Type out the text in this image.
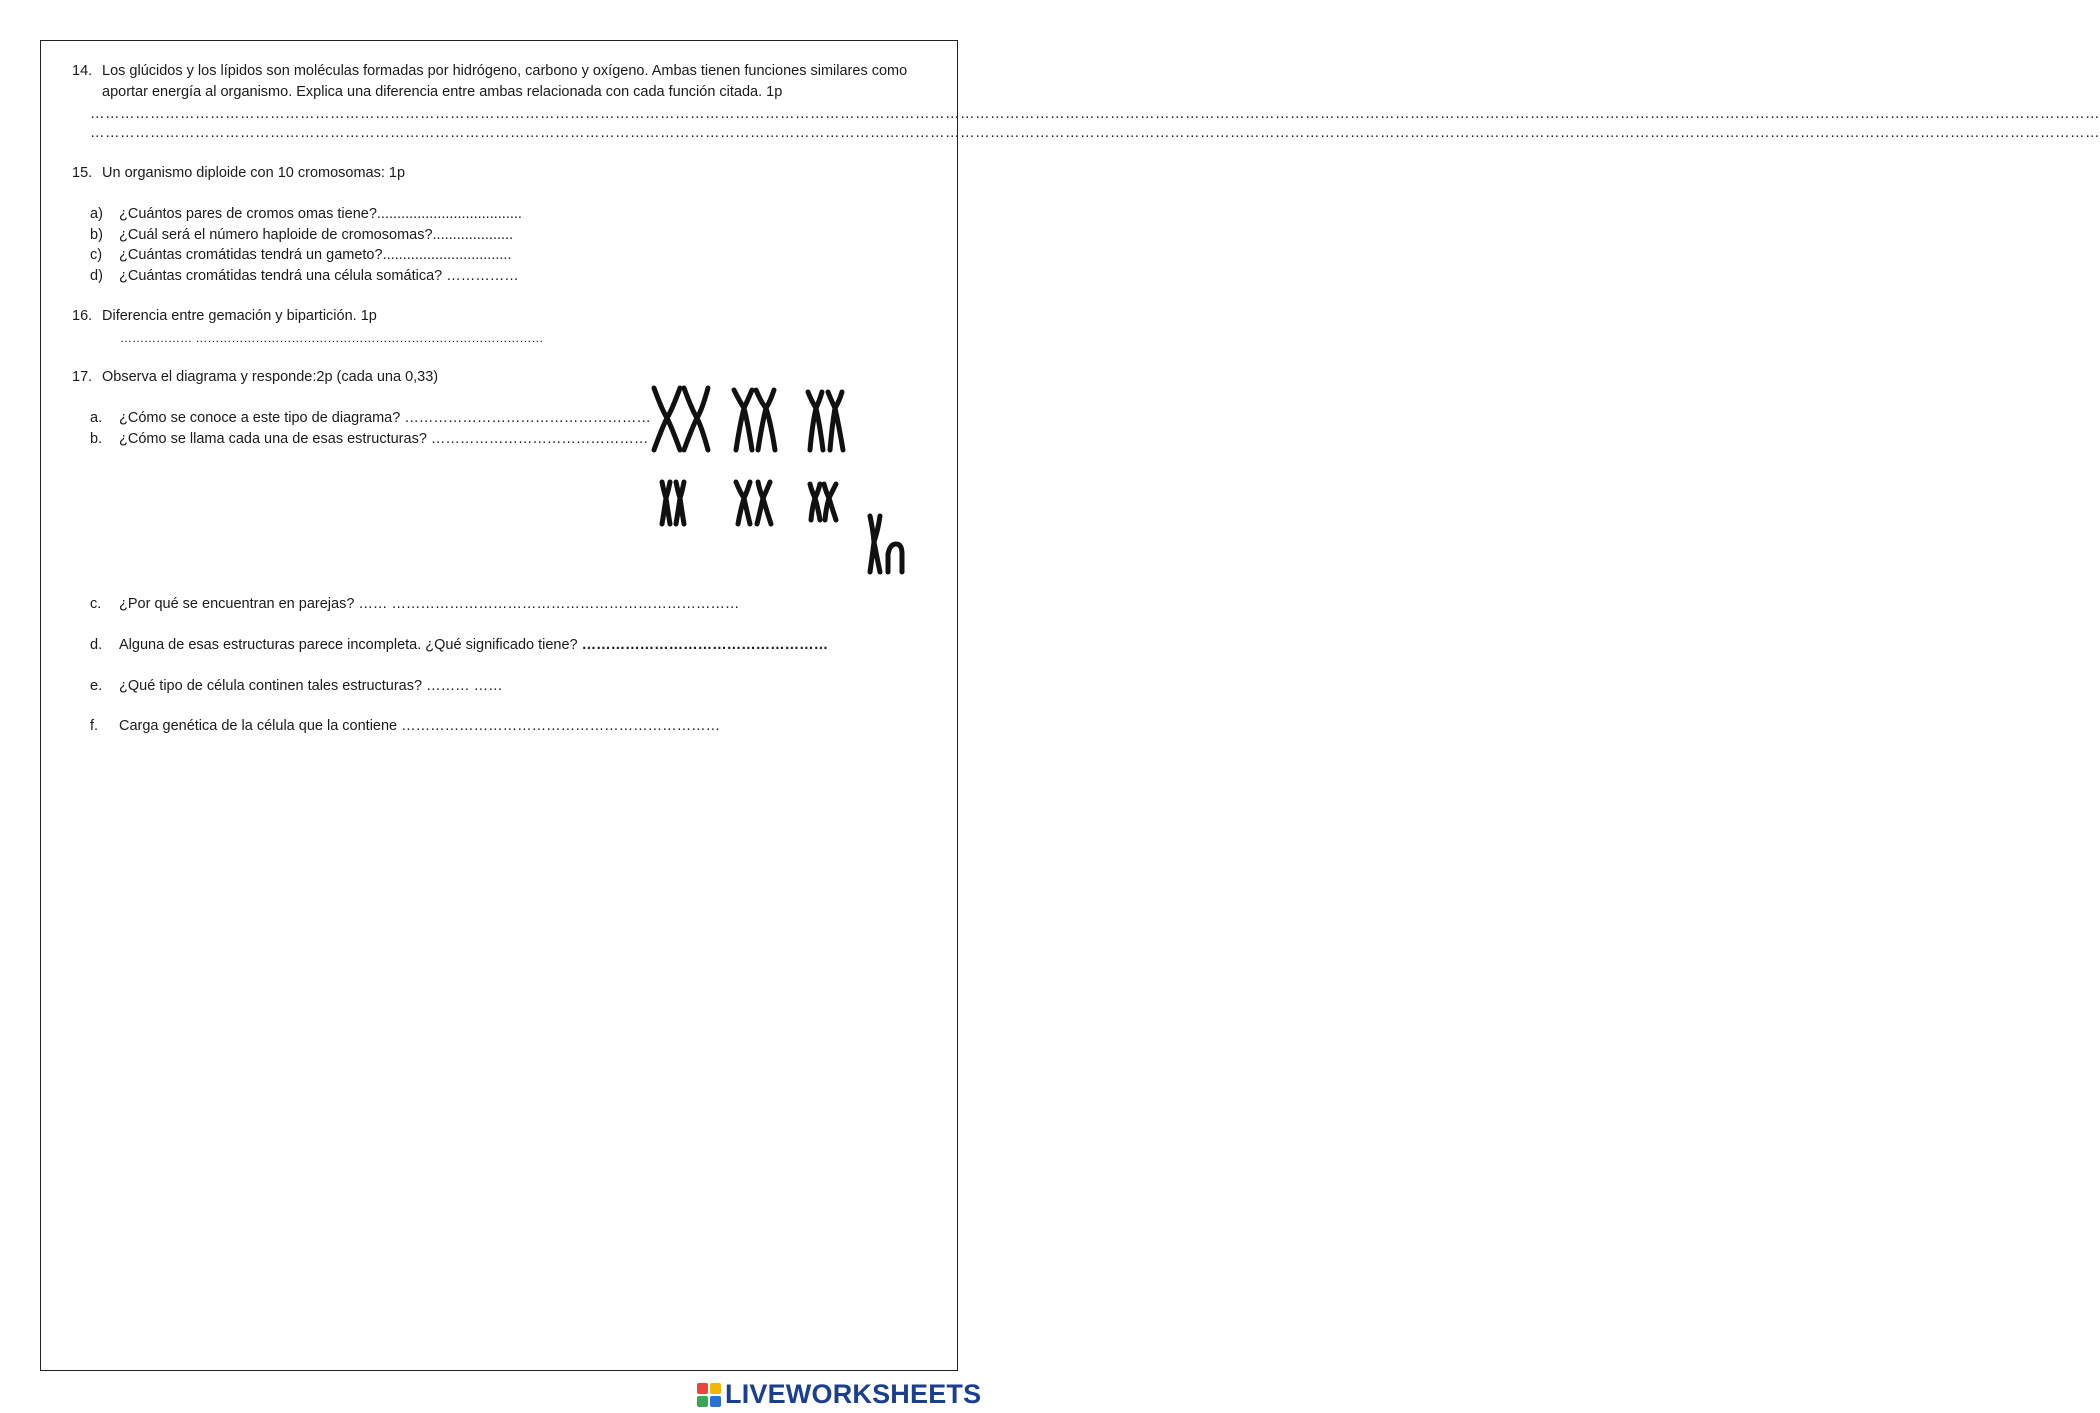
14. Los glúcidos y los lípidos son moléculas formadas por hidrógeno, carbono y oxígeno. Ambas tienen funciones similares como
aportar energía al organismo. Explica una diferencia entre ambas relacionada con cada función citada. 1p
……………………………………………………………………………………………………………………………………………………………………………………………………………………………………………………………………………………………………………………………………………………………………
……………………………………………………………………………………………………………………………………………………………………………………………………………………………………………………………………………………………………………………………………………………………………
15. Un organismo diploide con 10 cromosomas: 1p
a) ¿Cuántos pares de cromos omas tiene?....................................
b) ¿Cuál será el número haploide de cromosomas?....................
c) ¿Cuántas cromátidas tendrá un gameto?................................
d) ¿Cuántas cromátidas tendrá una célula somática? ……………
16. Diferencia entre gemación y bipartición. 1p
……………… ……………………………………………………………………………
17. Observa el diagrama y responde:2p (cada una 0,33)
a. ¿Cómo se conoce a este tipo de diagrama? ……………………………………………
b. ¿Cómo se llama cada una de esas estructuras? ………………………………………
c. ¿Por qué se encuentran en parejas? …… ………………………………………………………………
d. Alguna de esas estructuras parece incompleta. ¿Qué significado tiene? ……………………………………………
e. ¿Qué tipo de célula continen tales estructuras? ……… ……
f. Carga genética de la célula que la contiene …………………………………………………………
LIVEWORKSHEETS
